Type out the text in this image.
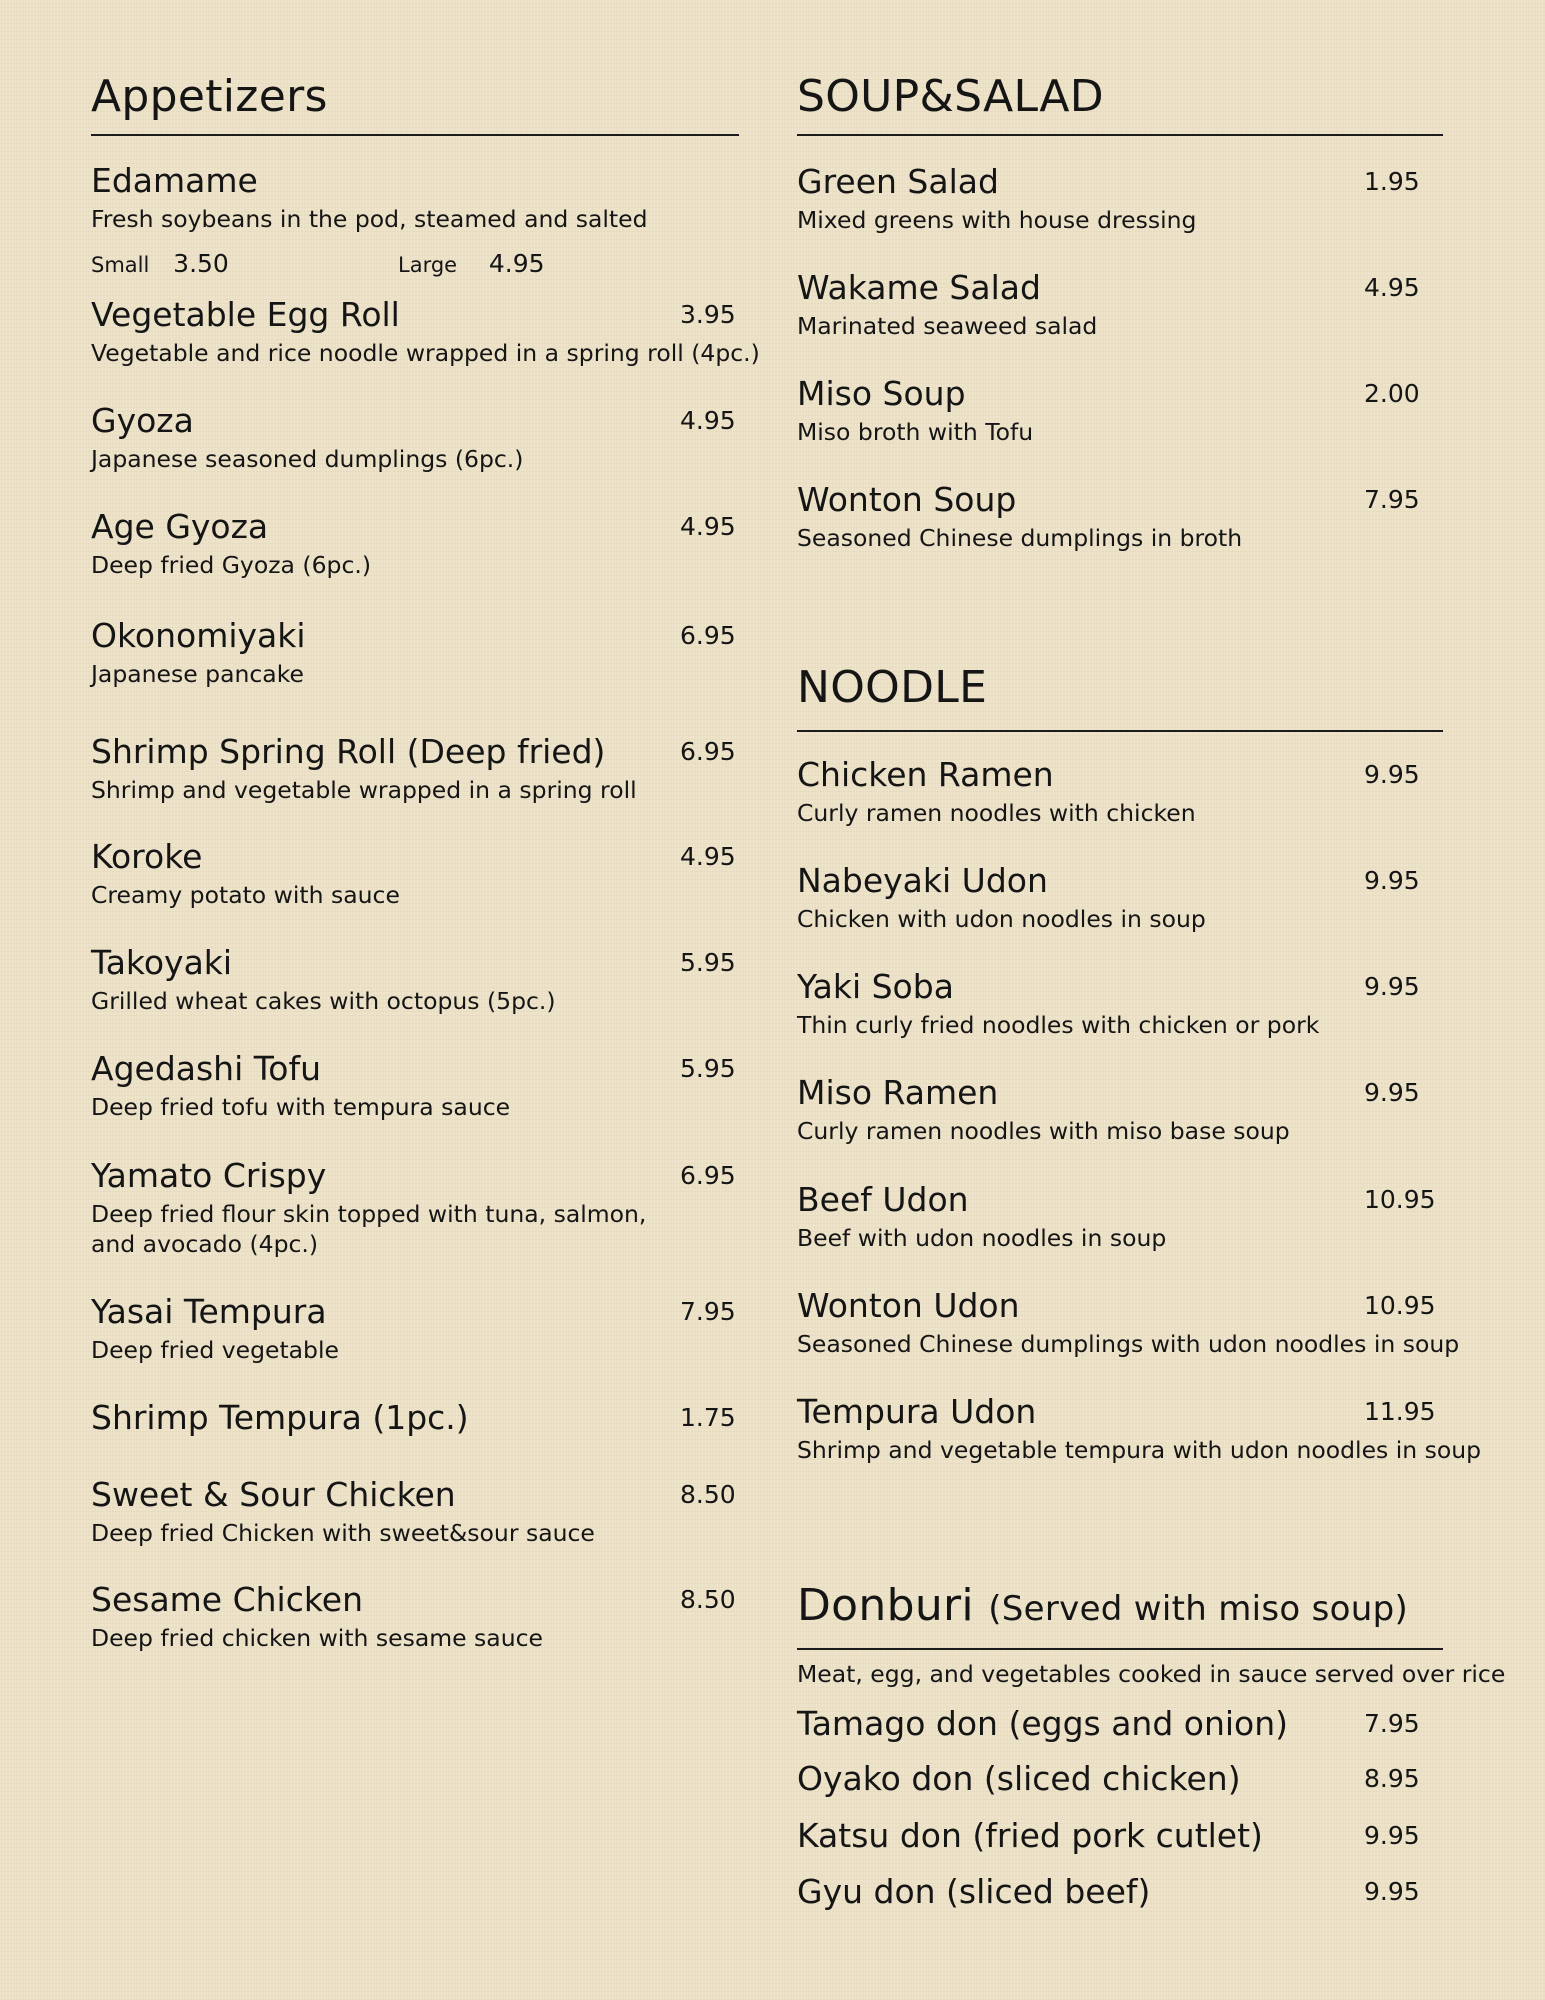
Appetizers
Edamame
Fresh soybeans in the pod, steamed and salted
Small 3.50	Large 4.95
Vegetable Egg Roll	3.95
Vegetable and rice noodle wrapped in a spring roll (4pc.)
Gyoza	4.95
Japanese seasoned dumplings (6pc.)
Age Gyoza	4.95
Deep fried Gyoza (6pc.)
Okonomiyaki	6.95
Japanese pancake
Shrimp Spring Roll (Deep fried)	6.95
Shrimp and vegetable wrapped in a spring roll
Koroke	4.95
Creamy potato with sauce
Takoyaki	5.95
Grilled wheat cakes with octopus (5pc.)
Agedashi Tofu	5.95
Deep fried tofu with tempura sauce
Yamato Crispy	6.95
Deep fried flour skin topped with tuna, salmon,
and avocado (4pc.)
Yasai Tempura	7.95
Deep fried vegetable
Shrimp Tempura (1pc.)	1.75
Sweet & Sour Chicken	8.50
Deep fried Chicken with sweet&sour sauce
Sesame Chicken	8.50
Deep fried chicken with sesame sauce
SOUP&SALAD
Green Salad	1.95
Mixed greens with house dressing
Wakame Salad	4.95
Marinated seaweed salad
Miso Soup	2.00
Miso broth with Tofu
Wonton Soup	7.95
Seasoned Chinese dumplings in broth
NOODLE
Chicken Ramen	9.95
Curly ramen noodles with chicken
Nabeyaki Udon	9.95
Chicken with udon noodles in soup
Yaki Soba	9.95
Thin curly fried noodles with chicken or pork
Miso Ramen	9.95
Curly ramen noodles with miso base soup
Beef Udon	10.95
Beef with udon noodles in soup
Wonton Udon	10.95
Seasoned Chinese dumplings with udon noodles in soup
Tempura Udon	11.95
Shrimp and vegetable tempura with udon noodles in soup
Donburi (Served with miso soup)
Meat, egg, and vegetables cooked in sauce served over rice
Tamago don (eggs and onion)	7.95
Oyako don (sliced chicken)	8.95
Katsu don (fried pork cutlet)	9.95
Gyu don (sliced beef)	9.95
